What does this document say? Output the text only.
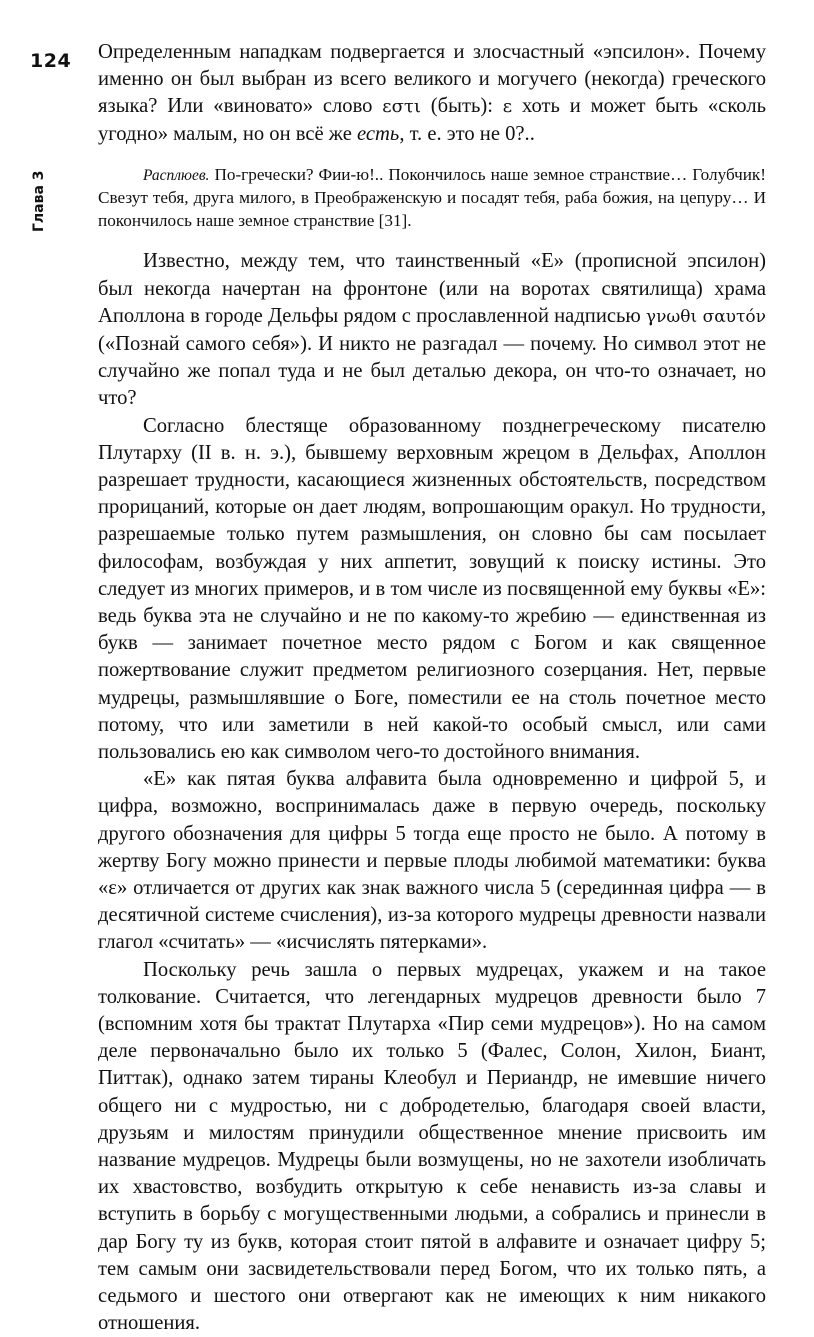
124
Глава 3

Определенным нападкам подвергается и злосчастный «эпсилон». Почему именно он был выбран из всего великого и могучего (некогда) греческого языка? Или «виновато» слово εστι (быть): ε хоть и может быть «сколь угодно» малым, но он всё же есть, т. е. это не 0?..

Расплюев. По-гречески? Фии-ю!.. Покончилось наше земное странствие… Голубчик! Свезут тебя, друга милого, в Преображенскую и посадят тебя, раба божия, на цепуру… И покончилось наше земное странствие [31].

Известно, между тем, что таинственный «Е» (прописной эпсилон) был некогда начертан на фронтоне (или на воротах святилища) храма Аполлона в городе Дельфы рядом с прославленной надписью γνωθι σαυτόν («Познай самого себя»). И никто не разгадал — почему. Но символ этот не случайно же попал туда и не был деталью декора, он что-то означает, но что?

Согласно блестяще образованному позднегреческому писателю Плутарху (II в. н. э.), бывшему верховным жрецом в Дельфах, Аполлон разрешает трудности, касающиеся жизненных обстоятельств, посредством прорицаний, которые он дает людям, вопрошающим оракул. Но трудности, разрешаемые только путем размышления, он словно бы сам посылает философам, возбуждая у них аппетит, зовущий к поиску истины. Это следует из многих примеров, и в том числе из посвященной ему буквы «Е»: ведь буква эта не случайно и не по какому-то жребию — единственная из букв — занимает почетное место рядом с Богом и как священное пожертвование служит предметом религиозного созерцания. Нет, первые мудрецы, размышлявшие о Боге, поместили ее на столь почетное место потому, что или заметили в ней какой-то особый смысл, или сами пользовались ею как символом чего-то достойного внимания.

«Е» как пятая буква алфавита была одновременно и цифрой 5, и цифра, возможно, воспринималась даже в первую очередь, поскольку другого обозначения для цифры 5 тогда еще просто не было. А потому в жертву Богу можно принести и первые плоды любимой математики: буква «ε» отличается от других как знак важного числа 5 (серединная цифра — в десятичной системе счисления), из-за которого мудрецы древности назвали глагол «считать» — «исчислять пятерками».

Поскольку речь зашла о первых мудрецах, укажем и на такое толкование. Считается, что легендарных мудрецов древности было 7 (вспомним хотя бы трактат Плутарха «Пир семи мудрецов»). Но на самом деле первоначально было их только 5 (Фалес, Солон, Хилон, Биант, Питтак), однако затем тираны Клеобул и Периандр, не имевшие ничего общего ни с мудростью, ни с добродетелью, благодаря своей власти, друзьям и милостям принудили общественное мнение присвоить им название мудрецов. Мудрецы были возмущены, но не захотели изобличать их хвастовство, возбудить открытую к себе ненависть из-за славы и вступить в борьбу с могущественными людьми, а собрались и принесли в дар Богу ту из букв, которая стоит пятой в алфавите и означает цифру 5; тем самым они засвидетельствовали перед Богом, что их только пять, а седьмого и шестого они отвергают как не имеющих к ним никакого отношения.
